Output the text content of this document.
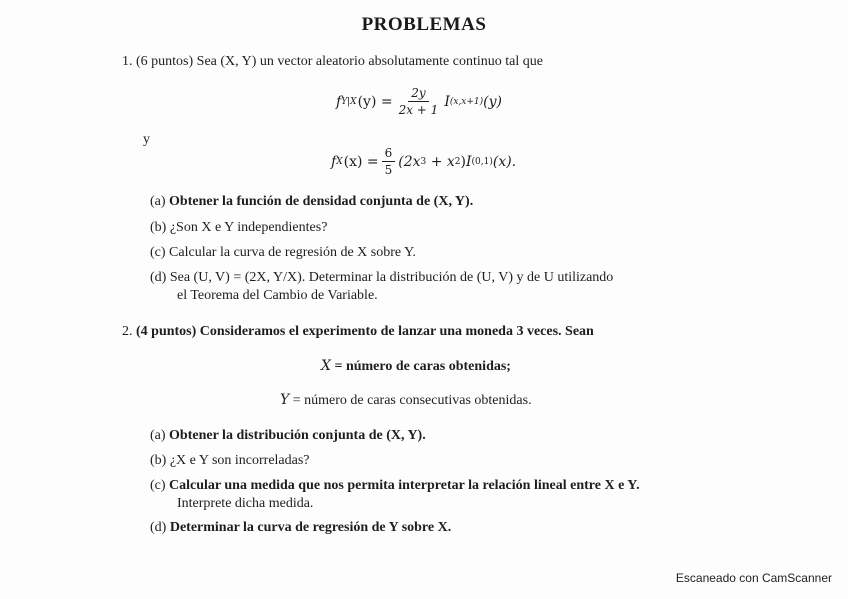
PROBLEMAS
1. (6 puntos) Sea (X, Y) un vector aleatorio absolutamente continuo tal que
f Y|X $(y) = \frac{2y}{2x + 1}$ I (x,x+1) (y)
y
f X $(x) = \frac{6}{5} (2x$ 3 + x 2 ) I (0,1) (x).
(a) Obtener la función de densidad conjunta de (X, Y).
(b) ¿Son X e Y independientes?
(c) Calcular la curva de regresión de X sobre Y.
(d) Sea (U, V) = (2X, Y/X). Determinar la distribución de (U, V) y de U utilizando
el Teorema del Cambio de Variable.
2. (4 puntos) Consideramos el experimento de lanzar una moneda 3 veces. Sean
X = número de caras obtenidas;
Y = número de caras consecutivas obtenidas.
(a) Obtener la distribución conjunta de (X, Y).
(b) ¿X e Y son incorreladas?
(c) Calcular una medida que nos permita interpretar la relación lineal entre X e Y.
Interprete dicha medida.
(d) Determinar la curva de regresión de Y sobre X.
Escaneado con CamScanner
